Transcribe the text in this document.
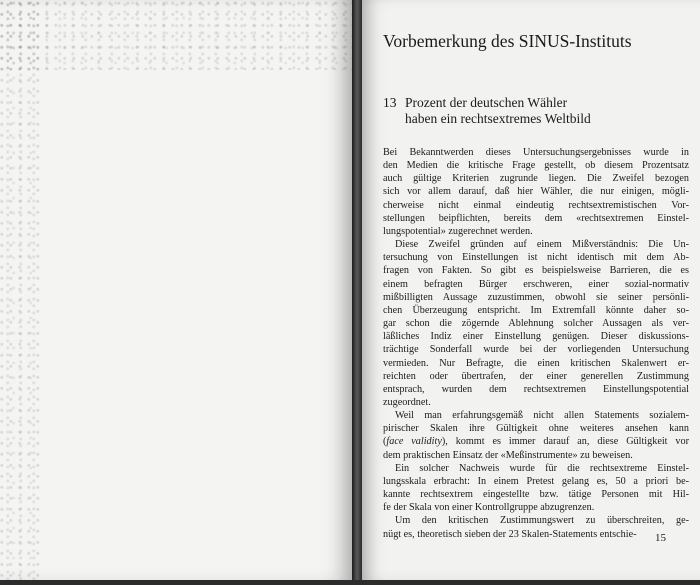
Vorbemerkung des SINUS-Instituts
13 Prozent der deutschen Wähler
haben ein rechtsextremes Weltbild

Bei Bekanntwerden dieses Untersuchungsergebnisses wurde in
den Medien die kritische Frage gestellt, ob diesem Prozentsatz
auch gültige Kriterien zugrunde liegen. Die Zweifel bezogen
sich vor allem darauf, daß hier Wähler, die nur einigen, mögli-
cherweise nicht einmal eindeutig rechtsextremistischen Vor-
stellungen beipflichten, bereits dem «rechtsextremen Einstel-
lungspotential» zugerechnet werden.

Diese Zweifel gründen auf einem Mißverständnis: Die Un-
tersuchung von Einstellungen ist nicht identisch mit dem Ab-
fragen von Fakten. So gibt es beispielsweise Barrieren, die es
einem befragten Bürger erschweren, einer sozial-normativ
mißbilligten Aussage zuzustimmen, obwohl sie seiner persönli-
chen Überzeugung entspricht. Im Extremfall könnte daher so-
gar schon die zögernde Ablehnung solcher Aussagen als ver-
läßliches Indiz einer Einstellung genügen. Dieser diskussions-
trächtige Sonderfall wurde bei der vorliegenden Untersuchung
vermieden. Nur Befragte, die einen kritischen Skalenwert er-
reichten oder übertrafen, der einer generellen Zustimmung
entsprach, wurden dem rechtsextremen Einstellungspotential
zugeordnet.

Weil man erfahrungsgemäß nicht allen Statements sozialem-
pirischer Skalen ihre Gültigkeit ohne weiteres ansehen kann
(face validity), kommt es immer darauf an, diese Gültigkeit vor
dem praktischen Einsatz der «Meßinstrumente» zu beweisen.

Ein solcher Nachweis wurde für die rechtsextreme Einstel-
lungsskala erbracht: In einem Pretest gelang es, 50 a priori be-
kannte rechtsextrem eingestellte bzw. tätige Personen mit Hil-
fe der Skala von einer Kontrollgruppe abzugrenzen.

Um den kritischen Zustimmungswert zu überschreiten, ge-
nügt es, theoretisch sieben der 23 Skalen-Statements entschie-	15
